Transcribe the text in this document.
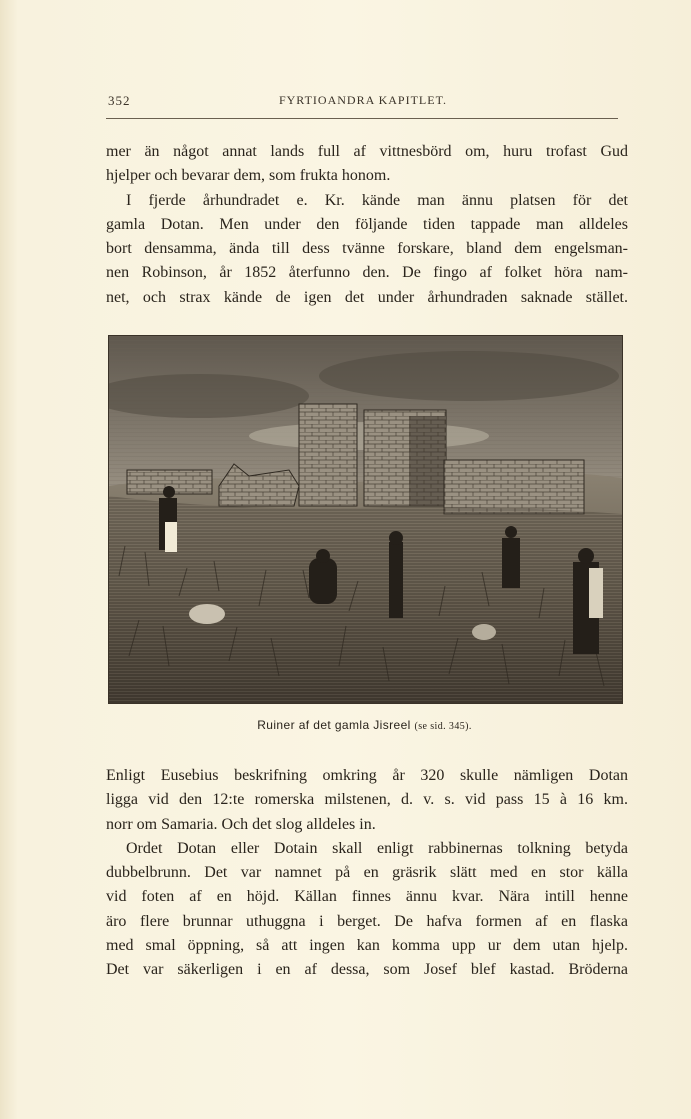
352	FYRTIOANDRA KAPITLET.
mer än något annat lands full af vittnesbörd om, huru trofast Gud
hjelper och bevarar dem, som frukta honom.
I fjerde århundradet e. Kr. kände man ännu platsen för det
gamla Dotan. Men under den följande tiden tappade man alldeles
bort densamma, ända till dess tvänne forskare, bland dem engelsman-
nen Robinson, år 1852 återfunno den. De fingo af folket höra nam-
net, och strax kände de igen det under århundraden saknade stället.
Ruiner af det gamla Jisreel (se sid. 345).
Enligt Eusebius beskrifning omkring år 320 skulle nämligen Dotan
ligga vid den 12:te romerska milstenen, d. v. s. vid pass 15 à 16 km.
norr om Samaria. Och det slog alldeles in.
Ordet Dotan eller Dotain skall enligt rabbinernas tolkning betyda
dubbelbrunn. Det var namnet på en gräsrik slätt med en stor källa
vid foten af en höjd. Källan finnes ännu kvar. Nära intill henne
äro flere brunnar uthuggna i berget. De hafva formen af en flaska
med smal öppning, så att ingen kan komma upp ur dem utan hjelp.
Det var säkerligen i en af dessa, som Josef blef kastad. Bröderna
